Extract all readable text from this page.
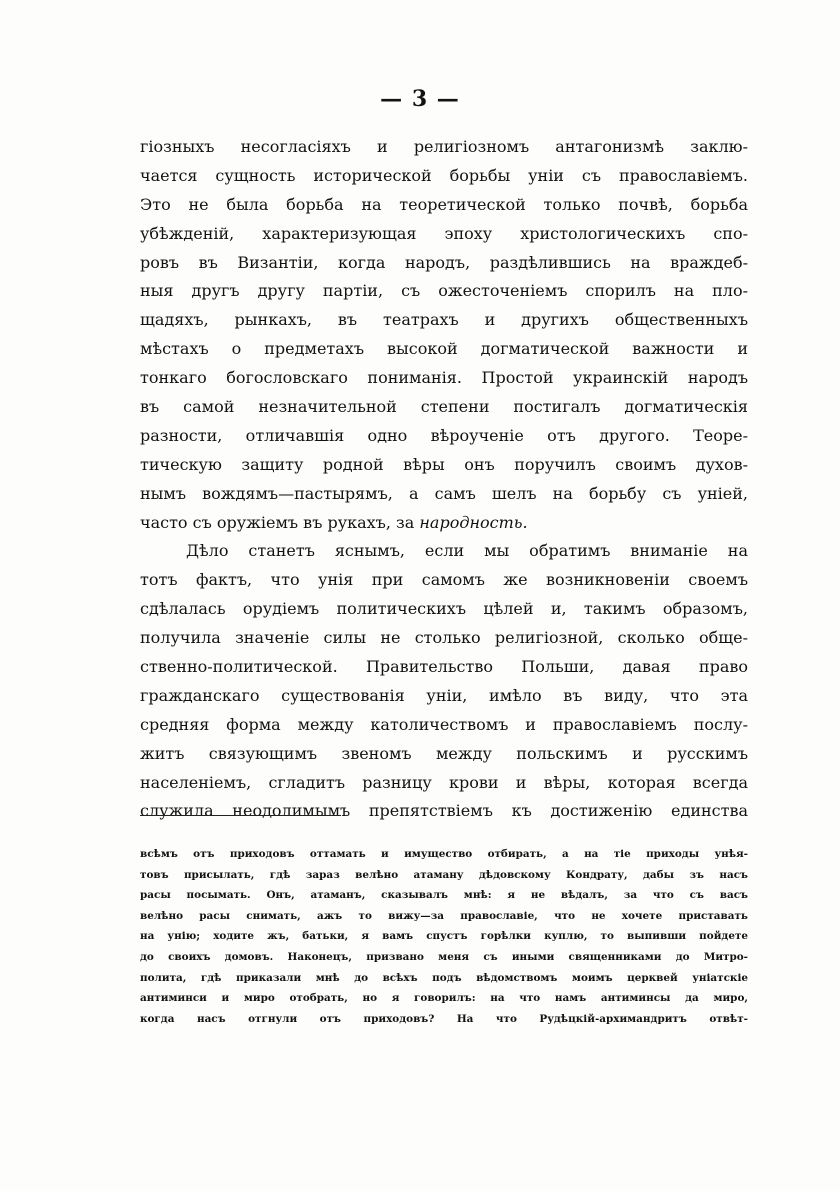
— 3 —
гіозныхъ несогласіяхъ и религіозномъ антагонизмѣ заклю-
чается сущность исторической борьбы уніи съ православіемъ.
Это не была борьба на теоретической только почвѣ, борьба
убѣжденій, характеризующая эпоху христологическихъ спо-
ровъ въ Византіи, когда народъ, раздѣлившись на враждеб-
ныя другъ другу партіи, съ ожесточеніемъ спорилъ на пло-
щадяхъ, рынкахъ, въ театрахъ и другихъ общественныхъ
мѣстахъ о предметахъ высокой догматической важности и
тонкаго богословскаго пониманія. Простой украинскій народъ
въ самой незначительной степени постигалъ догматическія
разности, отличавшія одно вѣроученіе отъ другого. Теоре-
тическую защиту родной вѣры онъ поручилъ своимъ духов-
нымъ вождямъ—пастырямъ, а самъ шелъ на борьбу съ уніей,
часто съ оружіемъ въ рукахъ, за народность.
Дѣло станетъ яснымъ, если мы обратимъ вниманіе на
тотъ фактъ, что унія при самомъ же возникновеніи своемъ
сдѣлалась орудіемъ политическихъ цѣлей и, такимъ образомъ,
получила значеніе силы не столько религіозной, сколько обще-
ственно-политической. Правительство Польши, давая право
гражданскаго существованія уніи, имѣло въ виду, что эта
средняя форма между католичествомъ и православіемъ послу-
житъ связующимъ звеномъ между польскимъ и русскимъ
населеніемъ, сгладитъ разницу крови и вѣры, которая всегда
служила неодолимымъ препятствіемъ къ достиженію единства
всѣмъ отъ приходовъ оттамать и имущество отбирать, а на тіе приходы унѣя-
товъ присылать, гдѣ зараз велѣно атаману дѣдовскому Кондрату, дабы зъ насъ
расы посымать. Онъ, атаманъ, сказывалъ мнѣ: я не вѣдалъ, за что съ васъ
велѣно расы снимать, ажъ то вижу—за православіе, что не хочете приставать
на унію; ходите жъ, батьки, я вамъ спустъ горѣлки куплю, то выпивши пойдете
до своихъ домовъ. Наконецъ, призвано меня съ иными священниками до Митро-
полита, гдѣ приказали мнѣ до всѣхъ подъ вѣдомствомъ моимъ церквей уніатскіе
антиминси и миро отобрать, но я говорилъ: на что намъ антиминсы да миро,
когда насъ отгнули отъ приходовъ? На что Рудѣцкій-архимандритъ отвѣт-
